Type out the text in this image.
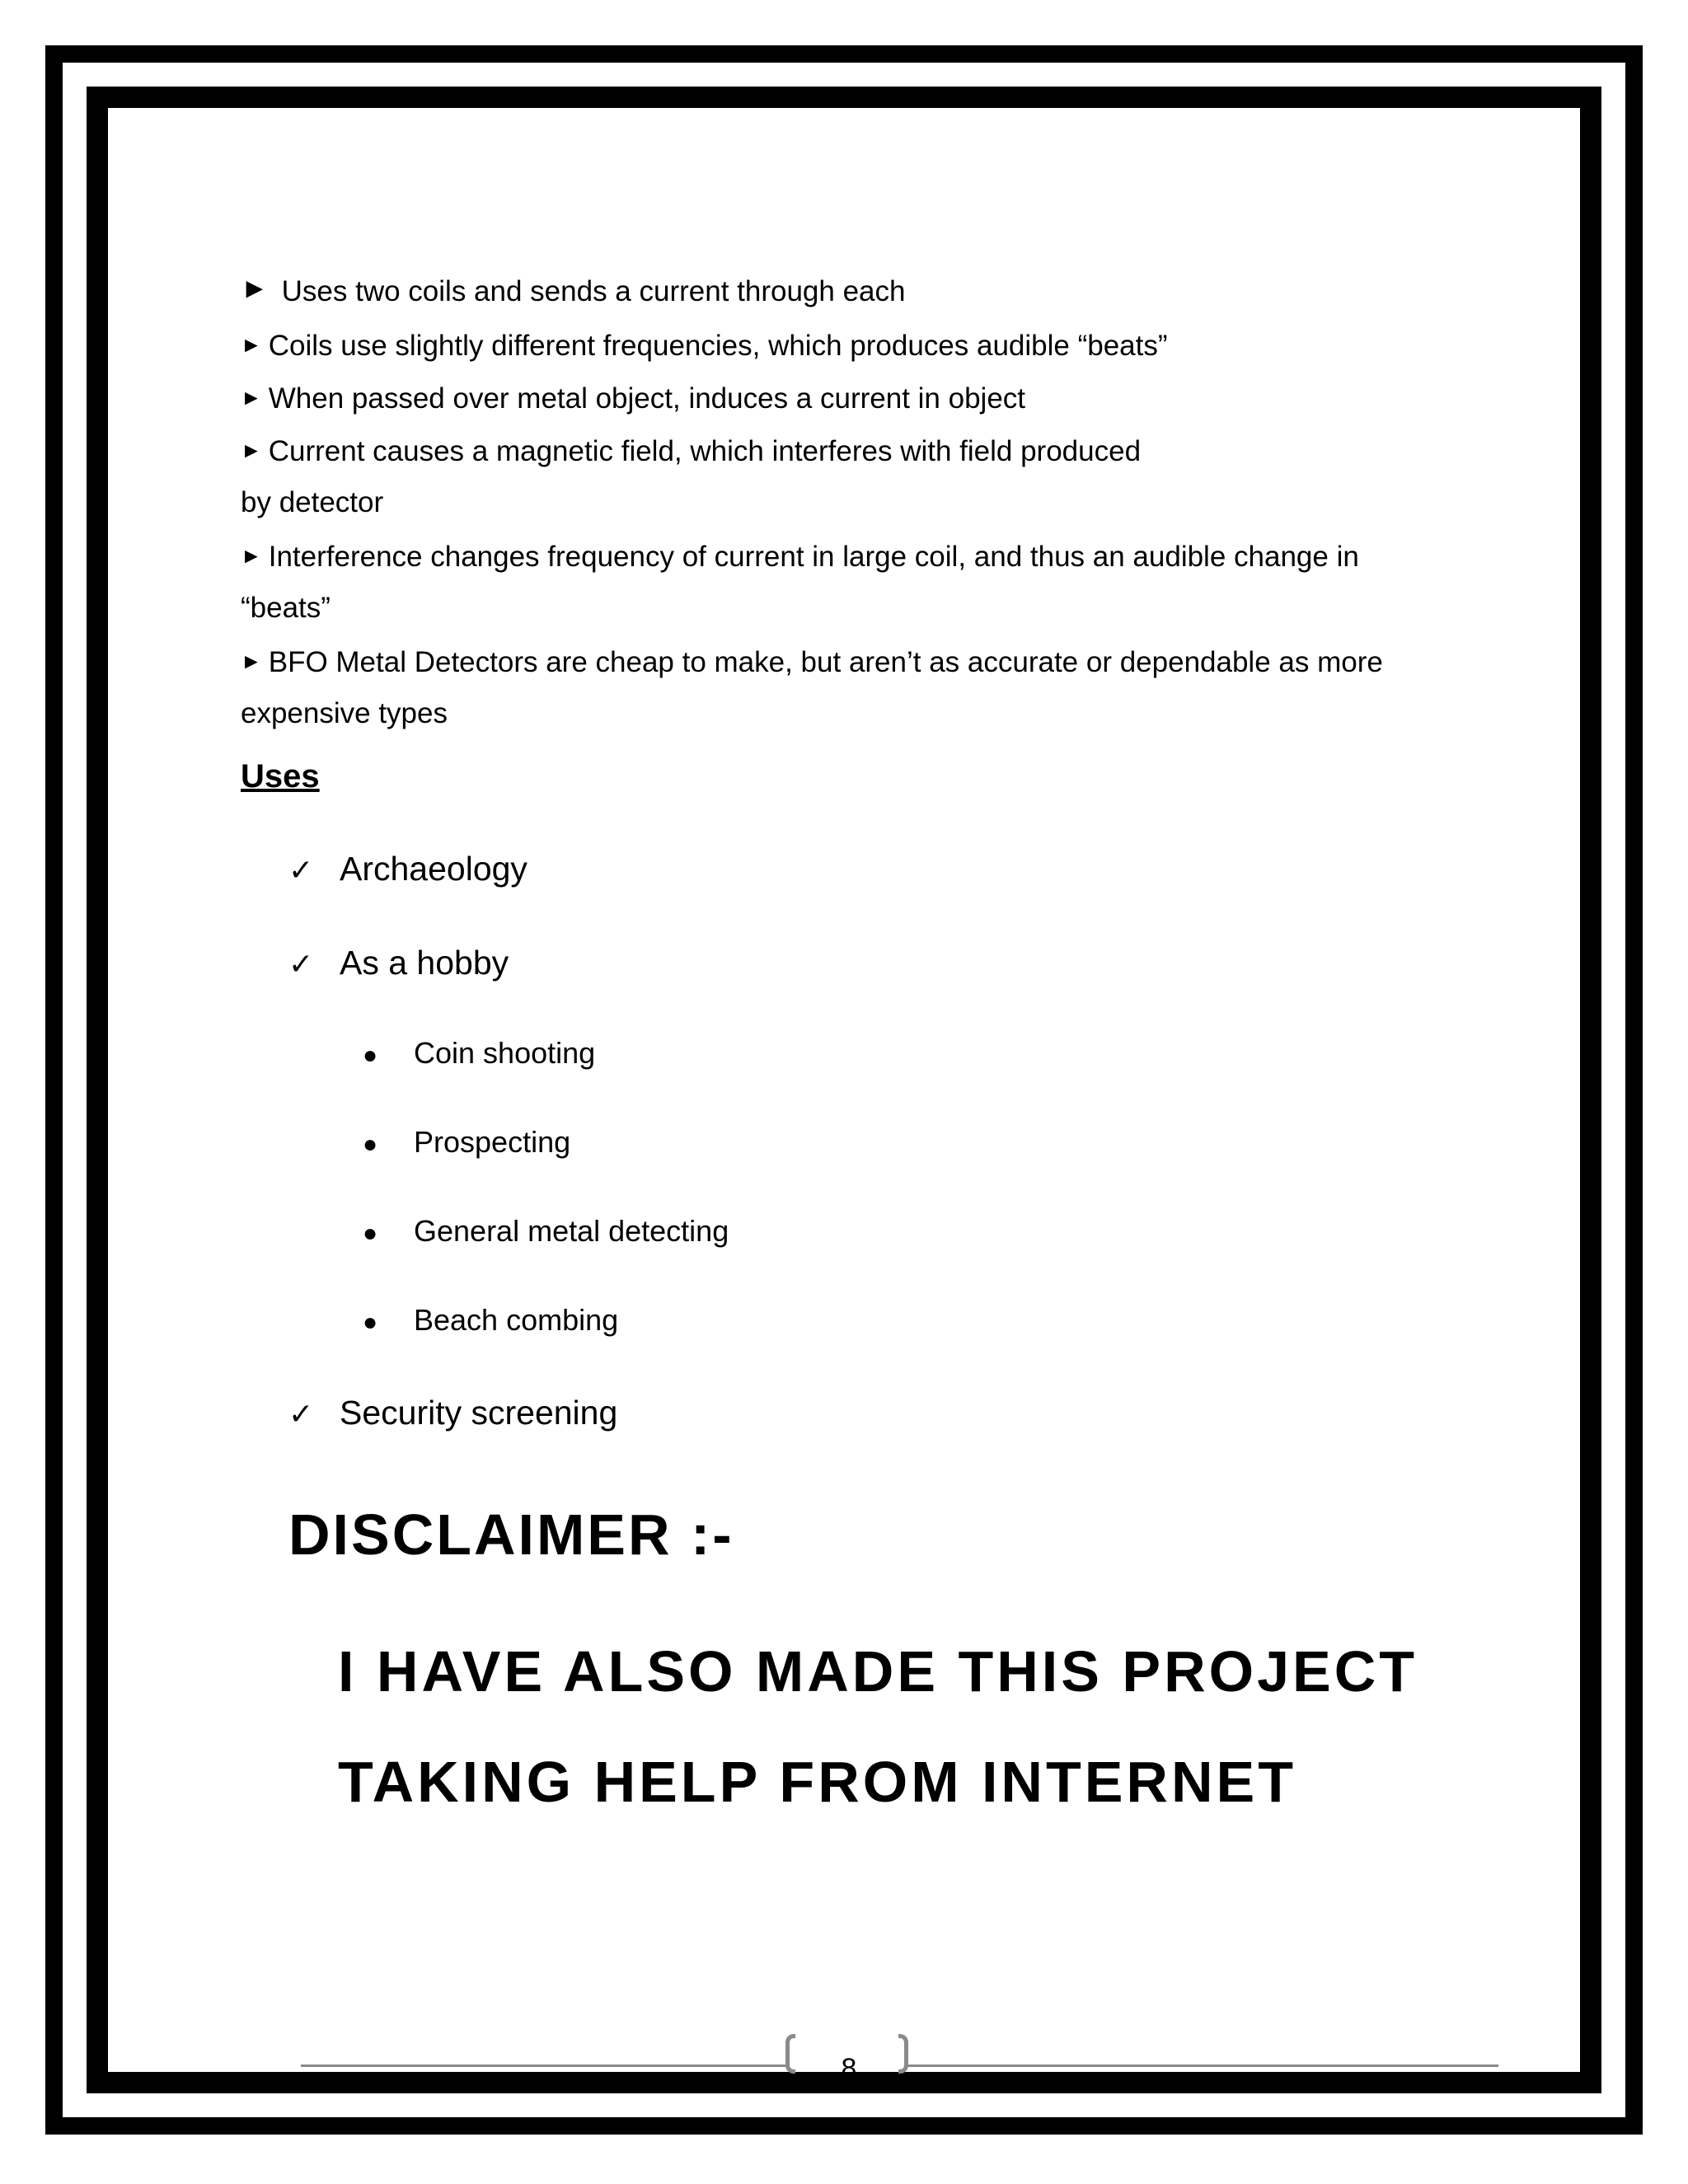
► Uses two coils and sends a current through each
► Coils use slightly different frequencies, which produces audible “beats”
► When passed over metal object, induces a current in object
► Current causes a magnetic field, which interferes with field produced
by detector
► Interference changes frequency of current in large coil, and thus an audible change in
“beats”
► BFO Metal Detectors are cheap to make, but aren’t as accurate or dependable as more
expensive types
Uses
✓ Archaeology
✓ As a hobby
● Coin shooting
● Prospecting
● General metal detecting
● Beach combing
✓ Security screening
DISCLAIMER :-
I HAVE ALSO MADE THIS PROJECT
TAKING HELP FROM INTERNET
8
